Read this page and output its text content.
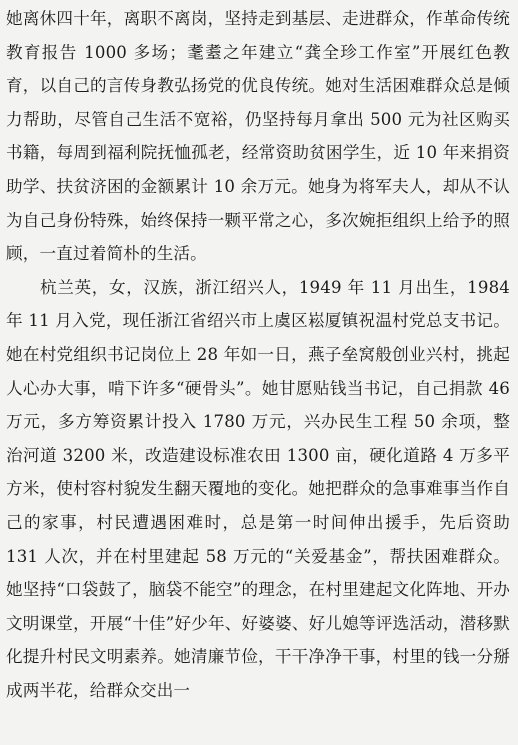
她离休四十年，离职不离岗，坚持走到基层、走进群众，作革命传统教育报告 1000 多场；耄耋之年建立“龚全珍工作室”开展红色教育，以自己的言传身教弘扬党的优良传统。她对生活困难群众总是倾力帮助，尽管自己生活不宽裕，仍坚持每月拿出 500 元为社区购买书籍，每周到福利院抚恤孤老，经常资助贫困学生，近 10 年来捐资助学、扶贫济困的金额累计 10 余万元。她身为将军夫人，却从不认为自己身份特殊，始终保持一颗平常之心，多次婉拒组织上给予的照顾，一直过着简朴的生活。

杭兰英，女，汉族，浙江绍兴人，1949 年 11 月出生，1984 年 11 月入党，现任浙江省绍兴市上虞区崧厦镇祝温村党总支书记。她在村党组织书记岗位上 28 年如一日，燕子垒窝般创业兴村，挑起人心办大事，啃下许多“硬骨头”。她甘愿贴钱当书记，自己捐款 46 万元，多方筹资累计投入 1780 万元，兴办民生工程 50 余项，整治河道 3200 米，改造建设标准农田 1300 亩，硬化道路 4 万多平方米，使村容村貌发生翻天覆地的变化。她把群众的急事难事当作自己的家事，村民遭遇困难时，总是第一时间伸出援手，先后资助 131 人次，并在村里建起 58 万元的“关爱基金”，帮扶困难群众。她坚持“口袋鼓了，脑袋不能空”的理念，在村里建起文化阵地、开办文明课堂，开展“十佳”好少年、好婆婆、好儿媳等评选活动，潜移默化提升村民文明素养。她清廉节俭，干干净净干事，村里的钱一分掰成两半花，给群众交出一
